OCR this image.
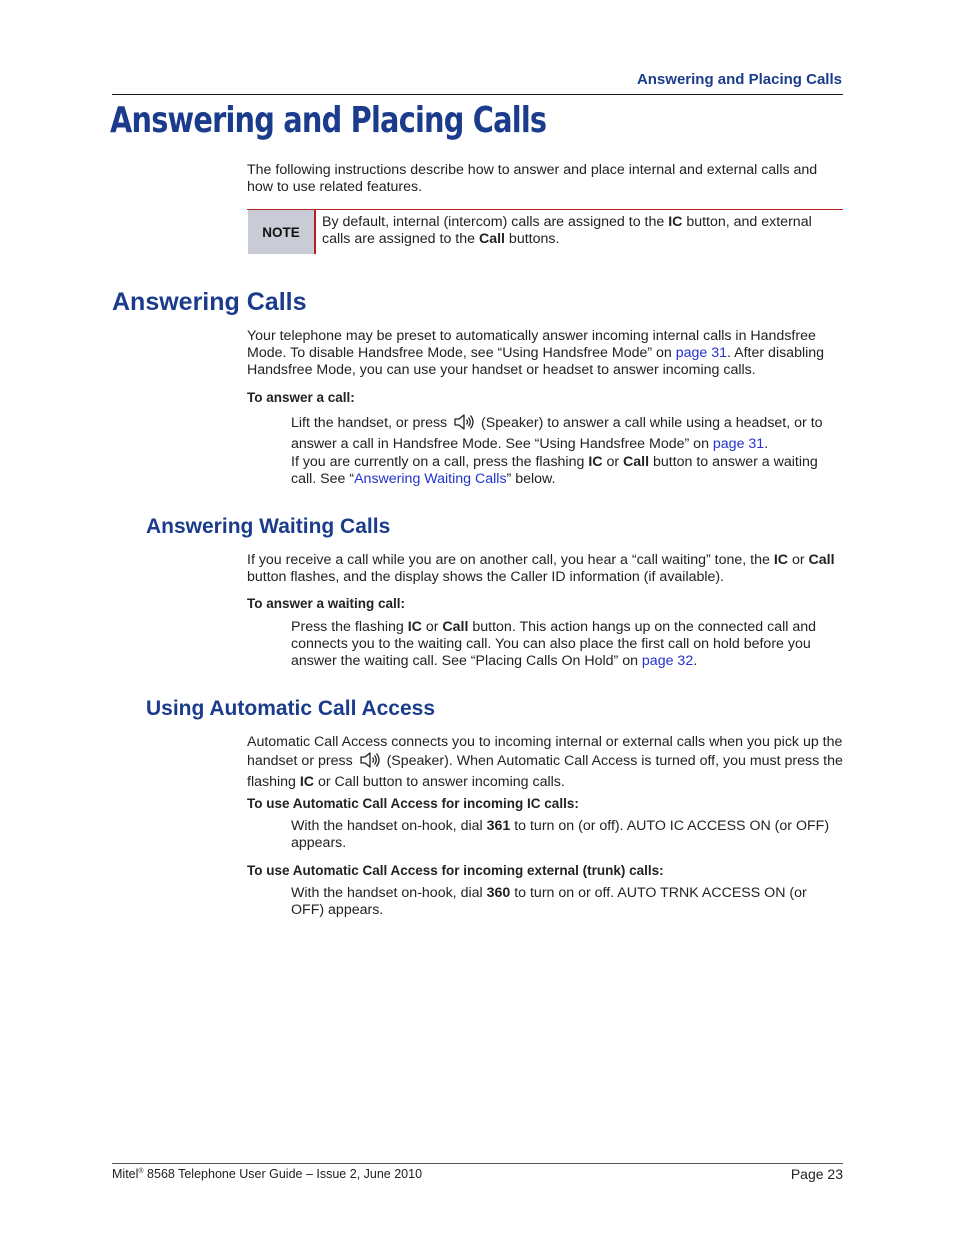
Answering and Placing Calls
Answering and Placing Calls

The following instructions describe how to answer and place internal and external calls and how to use related features.

NOTE
By default, internal (intercom) calls are assigned to the IC button, and external calls are assigned to the Call buttons.
Answering Calls

Your telephone may be preset to automatically answer incoming internal calls in Handsfree Mode. To disable Handsfree Mode, see “Using Handsfree Mode” on page 31. After disabling Handsfree Mode, you can use your handset or headset to answer incoming calls.

To answer a call:

Lift the handset, or press  (Speaker) to answer a call while using a headset, or to answer a call in Handsfree Mode. See “Using Handsfree Mode” on page 31.

If you are currently on a call, press the flashing IC or Call button to answer a waiting call. See “Answering Waiting Calls” below.

Answering Waiting Calls

If you receive a call while you are on another call, you hear a “call waiting” tone, the IC or Call button flashes, and the display shows the Caller ID information (if available).

To answer a waiting call:

Press the flashing IC or Call button. This action hangs up on the connected call and connects you to the waiting call. You can also place the first call on hold before you answer the waiting call. See “Placing Calls On Hold” on page 32.

Using Automatic Call Access

Automatic Call Access connects you to incoming internal or external calls when you pick up the handset or press  (Speaker). When Automatic Call Access is turned off, you must press the flashing IC or Call button to answer incoming calls.

To use Automatic Call Access for incoming IC calls:

With the handset on-hook, dial 361 to turn on (or off). AUTO IC ACCESS ON (or OFF) appears.

To use Automatic Call Access for incoming external (trunk) calls:

With the handset on-hook, dial 360 to turn on or off. AUTO TRNK ACCESS ON (or OFF) appears.

Mitel® 8568 Telephone User Guide – Issue 2, June 2010	Page 23
